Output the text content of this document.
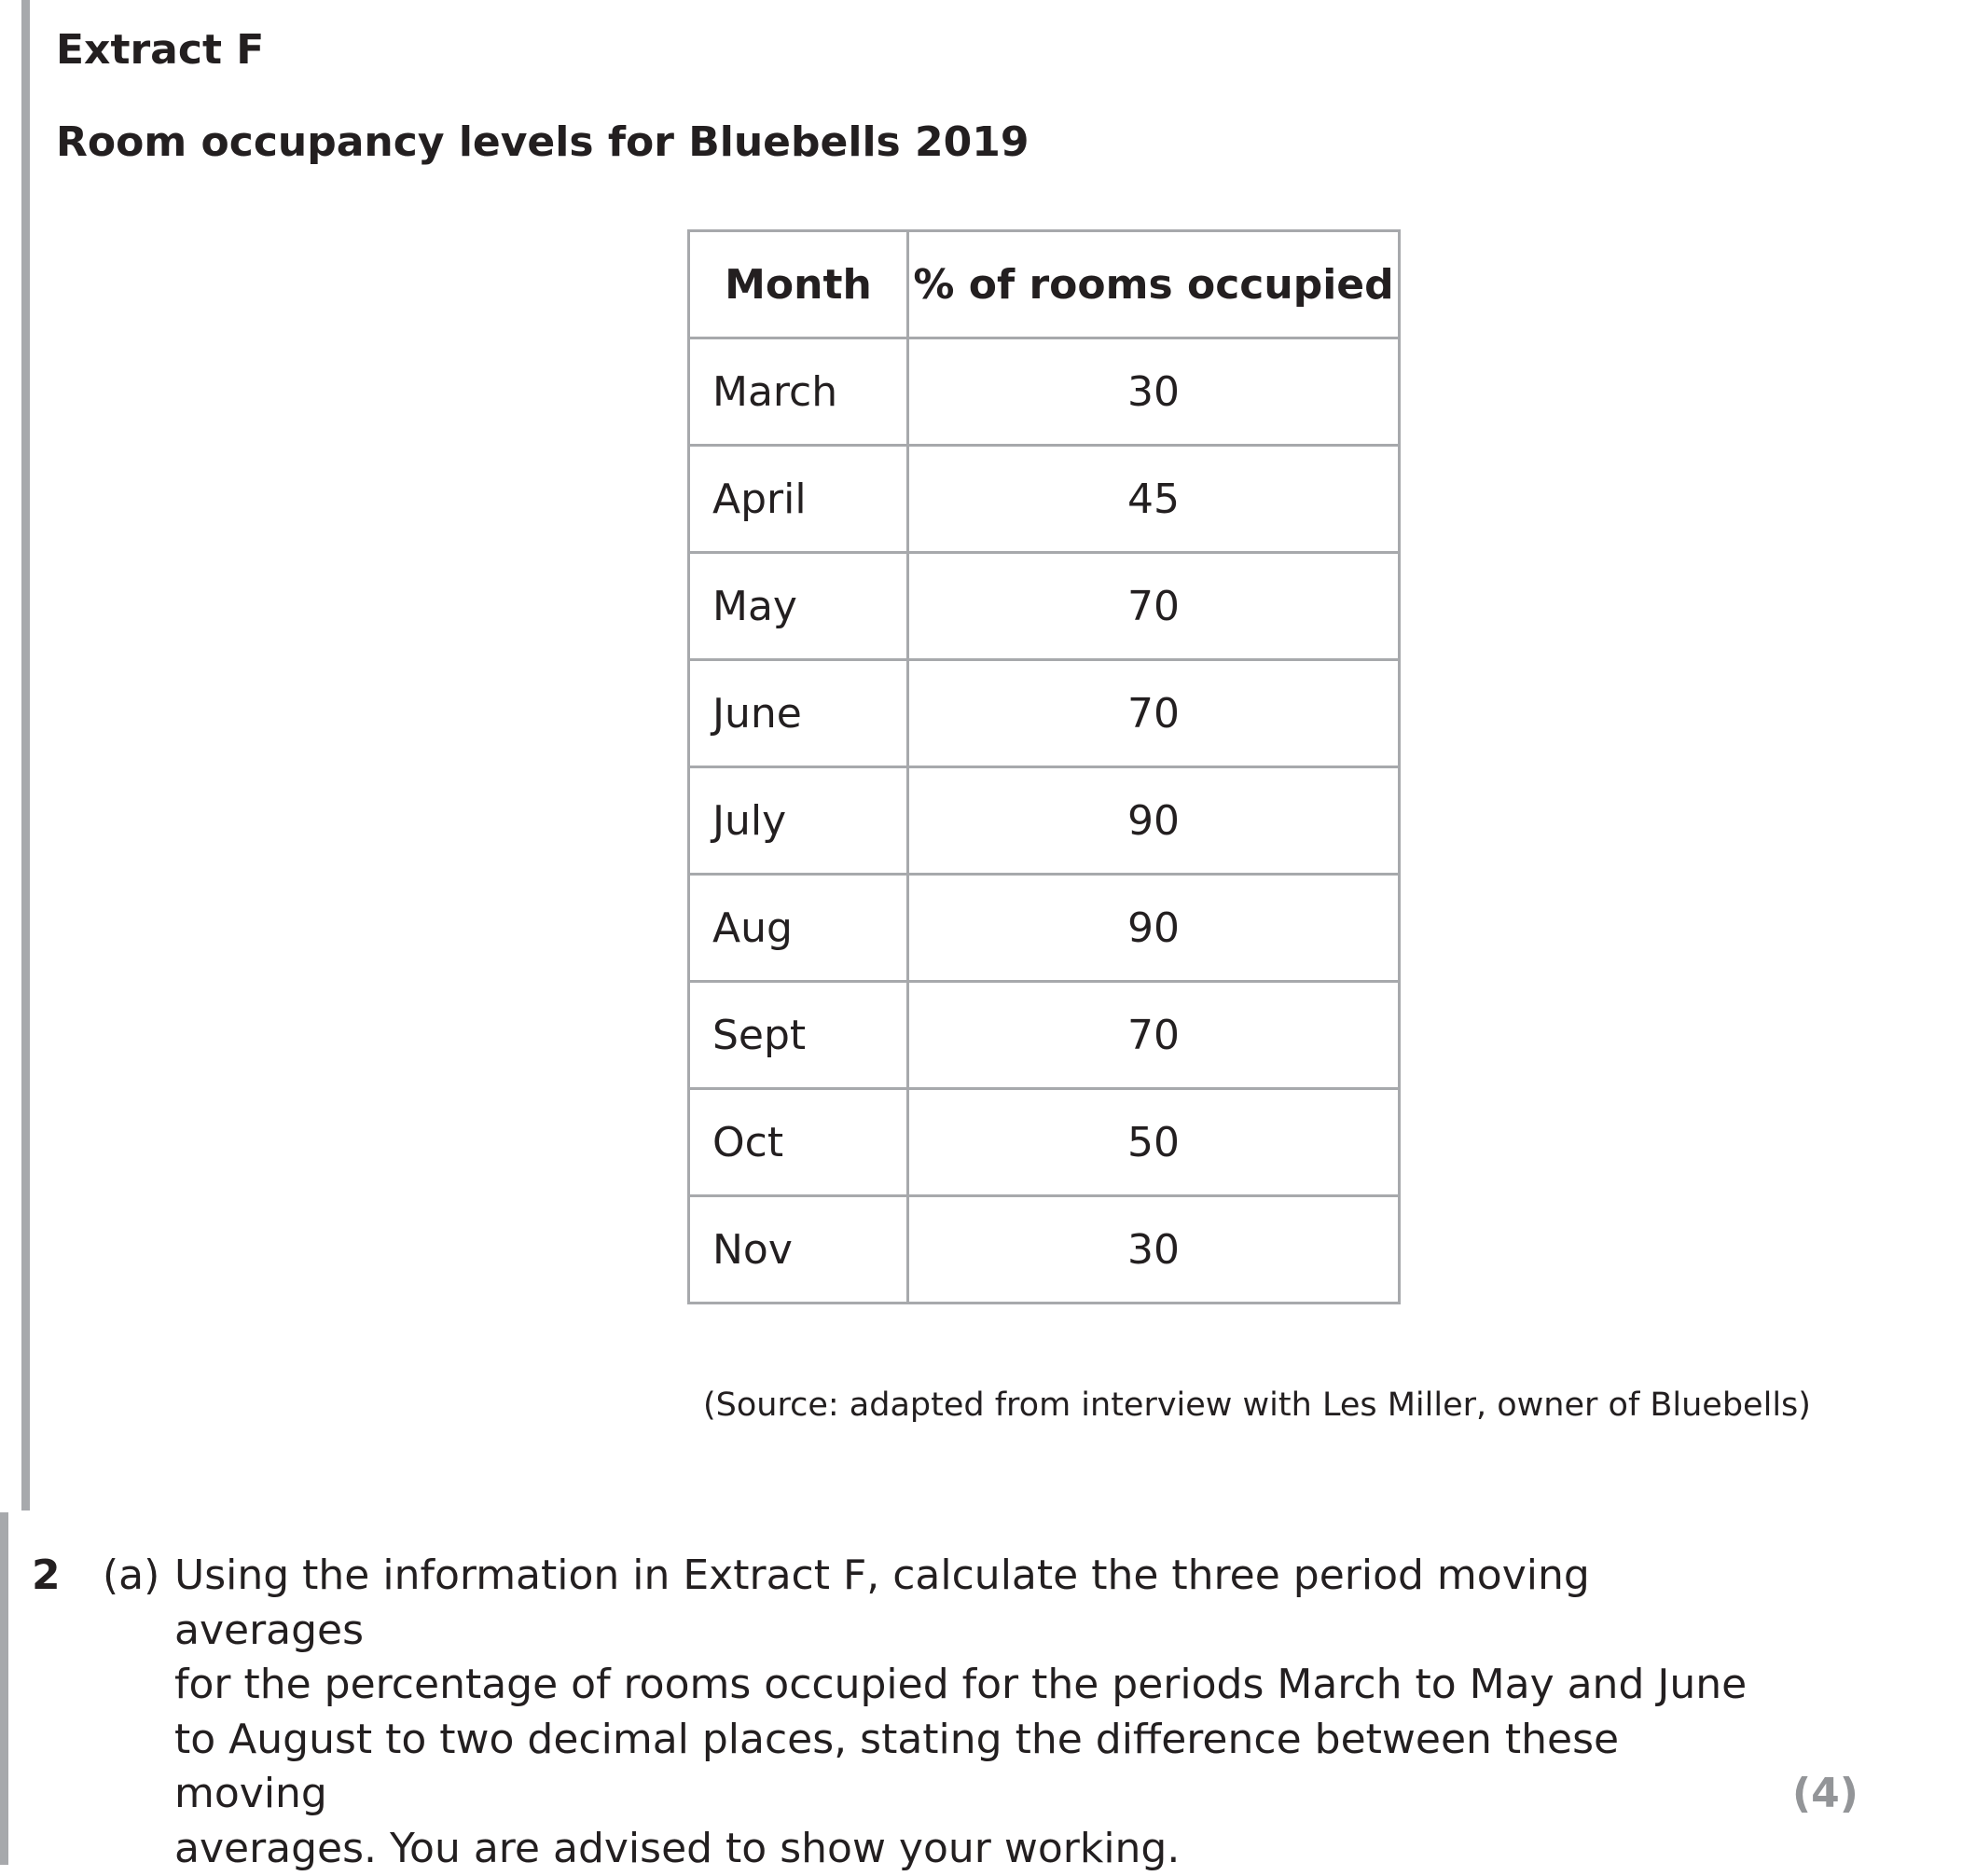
Extract F
Room occupancy levels for Bluebells 2019
Month	% of rooms occupied
March	30
April	45
May	70
June	70
July	90
Aug	90
Sept	70
Oct	50
Nov	30

(Source: adapted from interview with Les Miller, owner of Bluebells)

2 (a) Using the information in Extract F, calculate the three period moving averages
for the percentage of rooms occupied for the periods March to May and June
to August to two decimal places, stating the difference between these moving
averages. You are advised to show your working.

(4)
